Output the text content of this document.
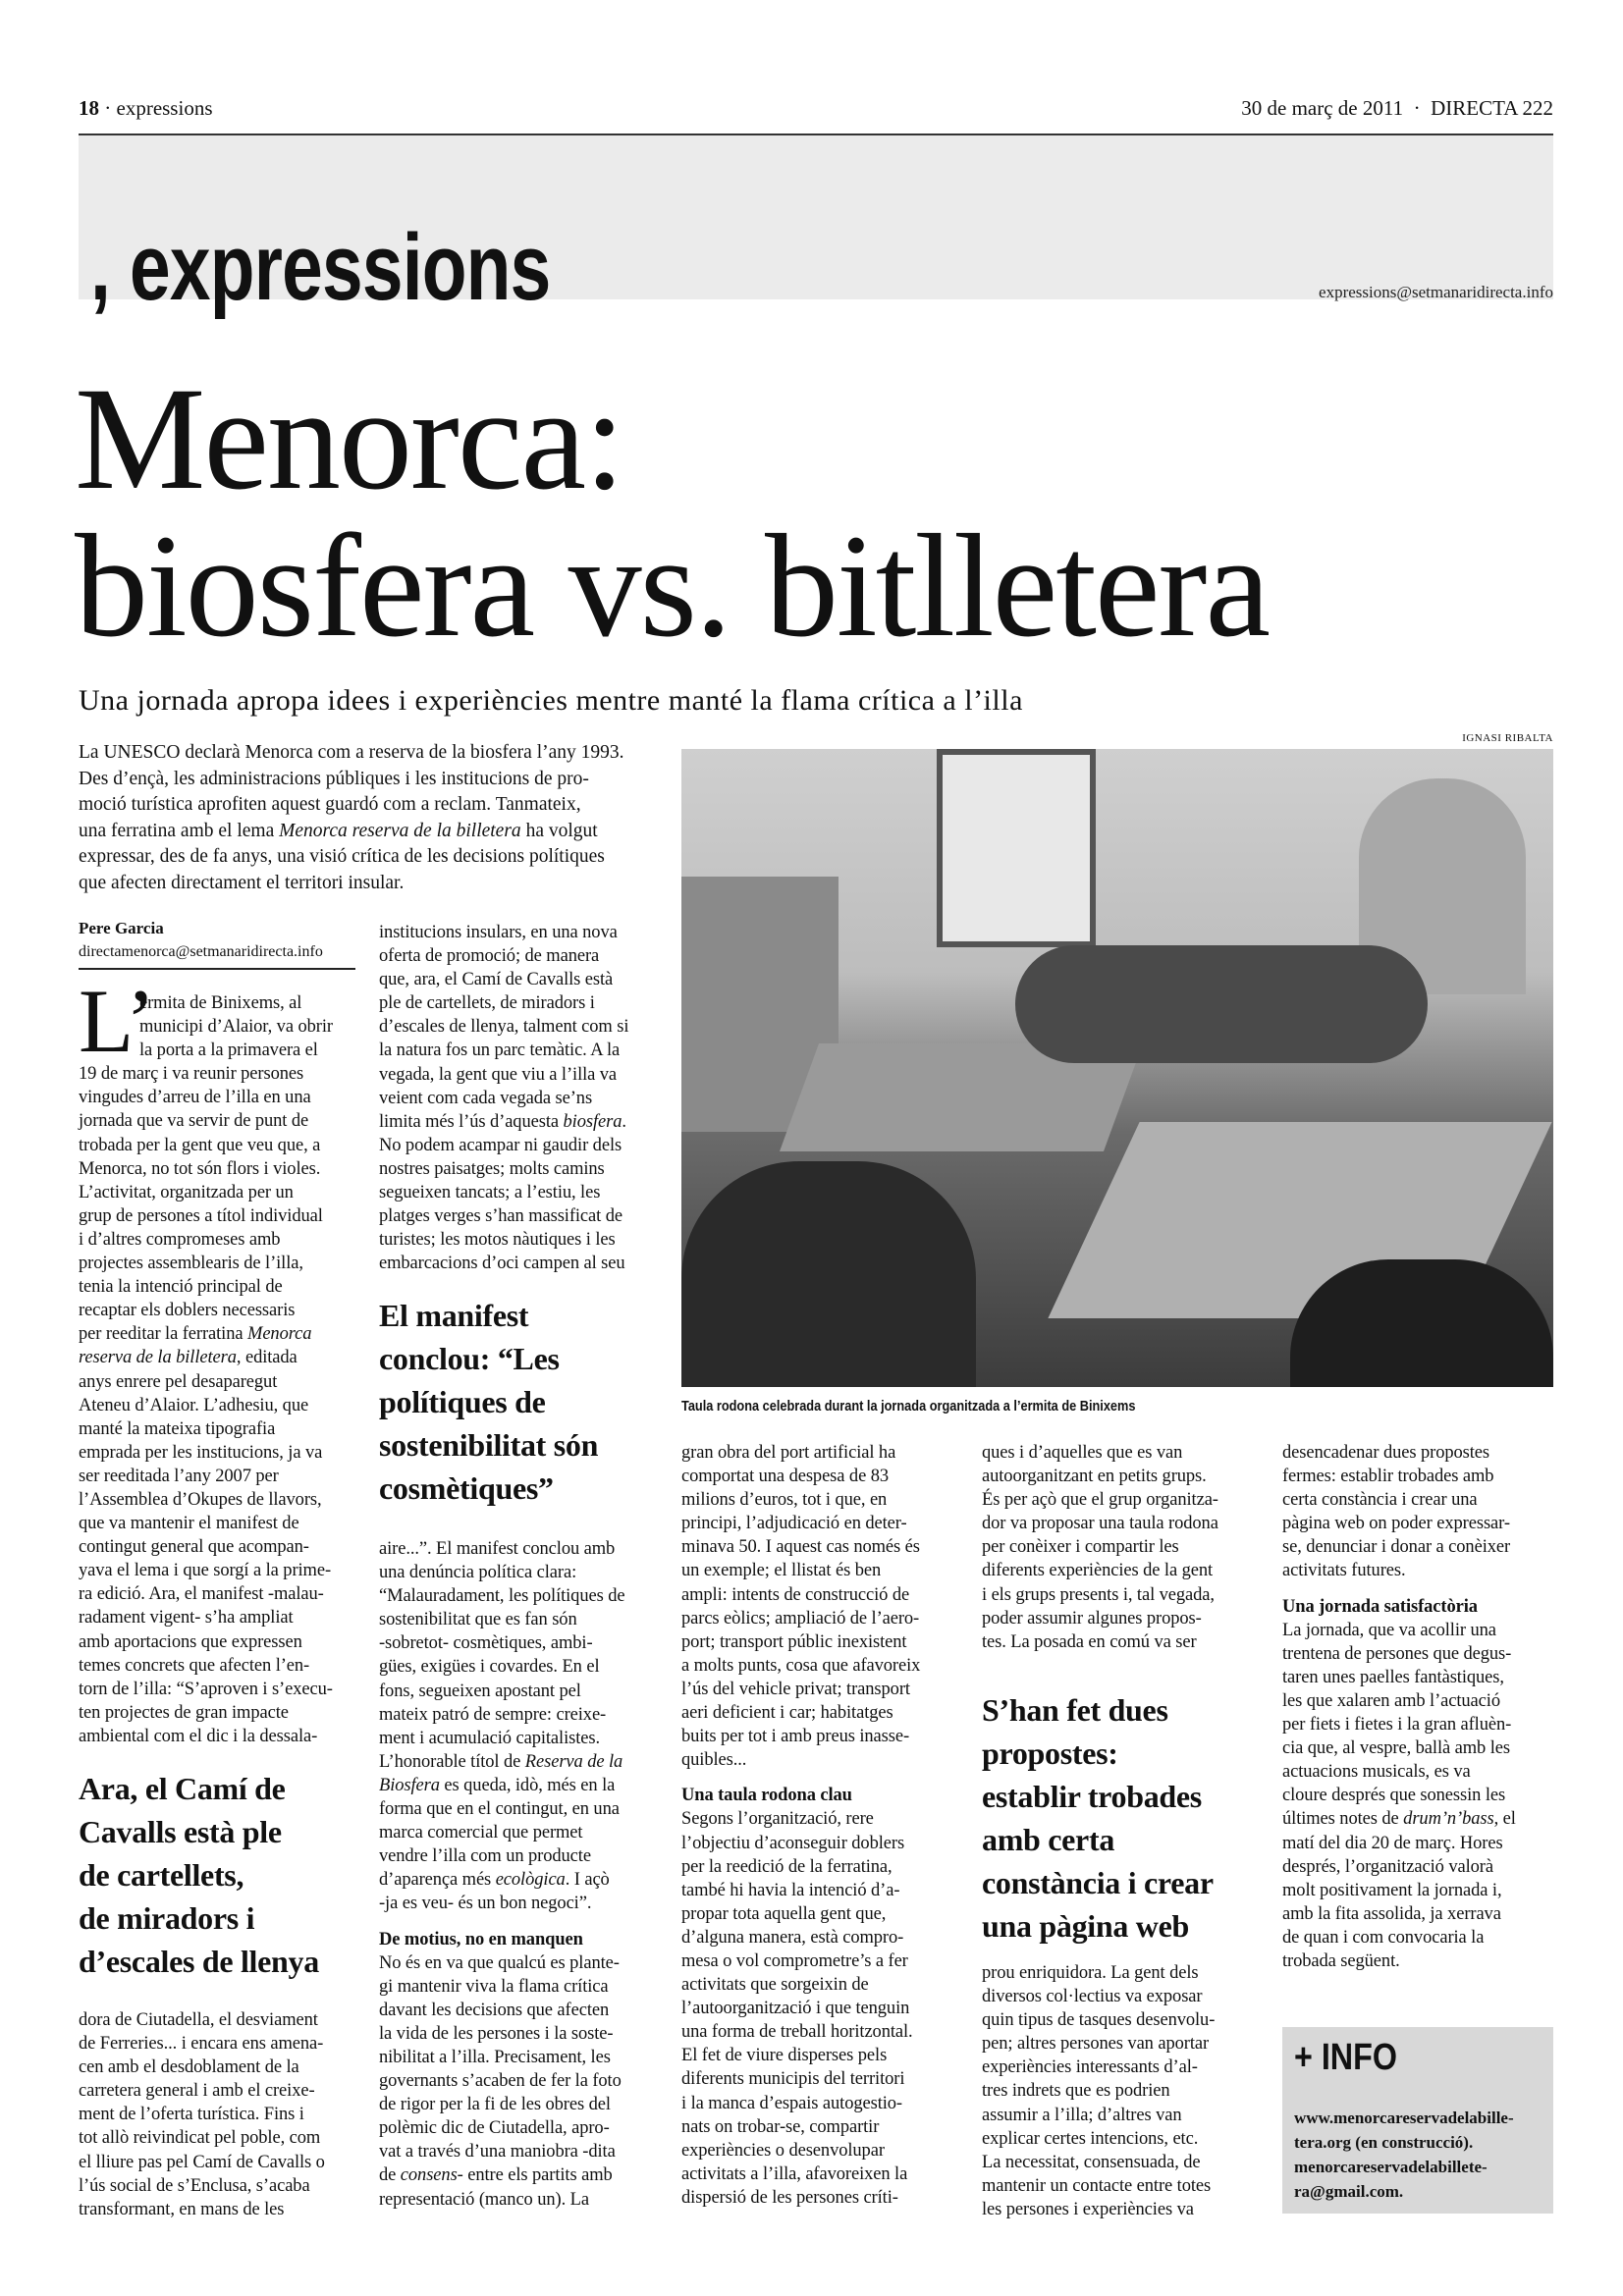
18 · expressions	30 de març de 2011 · DIRECTA 222
, expressions	expressions@setmanaridirecta.info
Menorca:
biosfera vs. bitlletera
Una jornada apropa idees i experiències mentre manté la flama crítica a l’illa
IGNASI RIBALTA
La UNESCO declarà Menorca com a reserva de la biosfera l’any 1993.
Des d’ençà, les administracions públiques i les institucions de pro-
moció turística aprofiten aquest guardó com a reclam. Tanmateix,
una ferratina amb el lema Menorca reserva de la billetera ha volgut
expressar, des de fa anys, una visió crítica de les decisions polítiques
que afecten directament el territori insular.
Taula rodona celebrada durant la jornada organitzada a l’ermita de Binixems
Pere Garcia
directamenorca@setmanaridirecta.info
L’
ermita de Binixems, al
municipi d’Alaior, va obrir
la porta a la primavera el
19 de març i va reunir persones
vingudes d’arreu de l’illa en una
jornada que va servir de punt de
trobada per la gent que veu que, a
Menorca, no tot són flors i violes.
L’activitat, organitzada per un
grup de persones a títol individual
i d’altres compromeses amb
projectes assemblearis de l’illa,
tenia la intenció principal de
recaptar els doblers necessaris
per reeditar la ferratina Menorca
reserva de la billetera, editada
anys enrere pel desaparegut
Ateneu d’Alaior. L’adhesiu, que
manté la mateixa tipografia
emprada per les institucions, ja va
ser reeditada l’any 2007 per
l’Assemblea d’Okupes de llavors,
que va mantenir el manifest de
contingut general que acompan-
yava el lema i que sorgí a la prime-
ra edició. Ara, el manifest -malau-
radament vigent- s’ha ampliat
amb aportacions que expressen
temes concrets que afecten l’en-
torn de l’illa: “S’aproven i s’execu-
ten projectes de gran impacte
ambiental com el dic i la dessala-
Ara, el Camí de
Cavalls està ple
de cartellets,
de miradors i
d’escales de llenya
dora de Ciutadella, el desviament
de Ferreries... i encara ens amena-
cen amb el desdoblament de la
carretera general i amb el creixe-
ment de l’oferta turística. Fins i
tot allò reivindicat pel poble, com
el lliure pas pel Camí de Cavalls o
l’ús social de s’Enclusa, s’acaba
transformant, en mans de les
institucions insulars, en una nova
oferta de promoció; de manera
que, ara, el Camí de Cavalls està
ple de cartellets, de miradors i
d’escales de llenya, talment com si
la natura fos un parc temàtic. A la
vegada, la gent que viu a l’illa va
veient com cada vegada se’ns
limita més l’ús d’aquesta biosfera.
No podem acampar ni gaudir dels
nostres paisatges; molts camins
segueixen tancats; a l’estiu, les
platges verges s’han massificat de
turistes; les motos nàutiques i les
embarcacions d’oci campen al seu
El manifest
conclou: “Les
polítiques de
sostenibilitat són
cosmètiques”
aire...”. El manifest conclou amb
una denúncia política clara:
“Malauradament, les polítiques de
sostenibilitat que es fan són
-sobretot- cosmètiques, ambi-
gües, exigües i covardes. En el
fons, segueixen apostant pel
mateix patró de sempre: creixe-
ment i acumulació capitalistes.
L’honorable títol de Reserva de la
Biosfera es queda, idò, més en la
forma que en el contingut, en una
marca comercial que permet
vendre l’illa com un producte
d’aparença més ecològica. I açò
-ja es veu- és un bon negoci”.
De motius, no en manquen
No és en va que qualcú es plante-
gi mantenir viva la flama crítica
davant les decisions que afecten
la vida de les persones i la soste-
nibilitat a l’illa. Precisament, les
governants s’acaben de fer la foto
de rigor per la fi de les obres del
polèmic dic de Ciutadella, apro-
vat a través d’una maniobra -dita
de consens- entre els partits amb
representació (manco un). La
gran obra del port artificial ha
comportat una despesa de 83
milions d’euros, tot i que, en
principi, l’adjudicació en deter-
minava 50. I aquest cas només és
un exemple; el llistat és ben
ampli: intents de construcció de
parcs eòlics; ampliació de l’aero-
port; transport públic inexistent
a molts punts, cosa que afavoreix
l’ús del vehicle privat; transport
aeri deficient i car; habitatges
buits per tot i amb preus inasse-
quibles...
Una taula rodona clau
Segons l’organització, rere
l’objectiu d’aconseguir doblers
per la reedició de la ferratina,
també hi havia la intenció d’a-
propar tota aquella gent que,
d’alguna manera, està compro-
mesa o vol comprometre’s a fer
activitats que sorgeixin de
l’autoorganització i que tenguin
una forma de treball horitzontal.
El fet de viure disperses pels
diferents municipis del territori
i la manca d’espais autogestio-
nats on trobar-se, compartir
experiències o desenvolupar
activitats a l’illa, afavoreixen la
dispersió de les persones críti-
ques i d’aquelles que es van
autoorganitzant en petits grups.
És per açò que el grup organitza-
dor va proposar una taula rodona
per conèixer i compartir les
diferents experiències de la gent
i els grups presents i, tal vegada,
poder assumir algunes propos-
tes. La posada en comú va ser
S’han fet dues
propostes:
establir trobades
amb certa
constància i crear
una pàgina web
prou enriquidora. La gent dels
diversos col·lectius va exposar
quin tipus de tasques desenvolu-
pen; altres persones van aportar
experiències interessants d’al-
tres indrets que es podrien
assumir a l’illa; d’altres van
explicar certes intencions, etc.
La necessitat, consensuada, de
mantenir un contacte entre totes
les persones i experiències va
desencadenar dues propostes
fermes: establir trobades amb
certa constància i crear una
pàgina web on poder expressar-
se, denunciar i donar a conèixer
activitats futures.
Una jornada satisfactòria
La jornada, que va acollir una
trentena de persones que degus-
taren unes paelles fantàstiques,
les que xalaren amb l’actuació
per fiets i fietes i la gran afluèn-
cia que, al vespre, ballà amb les
actuacions musicals, es va
cloure després que sonessin les
últimes notes de drum’n’bass, el
matí del dia 20 de març. Hores
després, l’organització valorà
molt positivament la jornada i,
amb la fita assolida, ja xerrava
de quan i com convocaria la
trobada següent.
+ INFO
www.menorcareservadelabille-
tera.org (en construcció).
menorcareservadelabillete-
ra@gmail.com.
